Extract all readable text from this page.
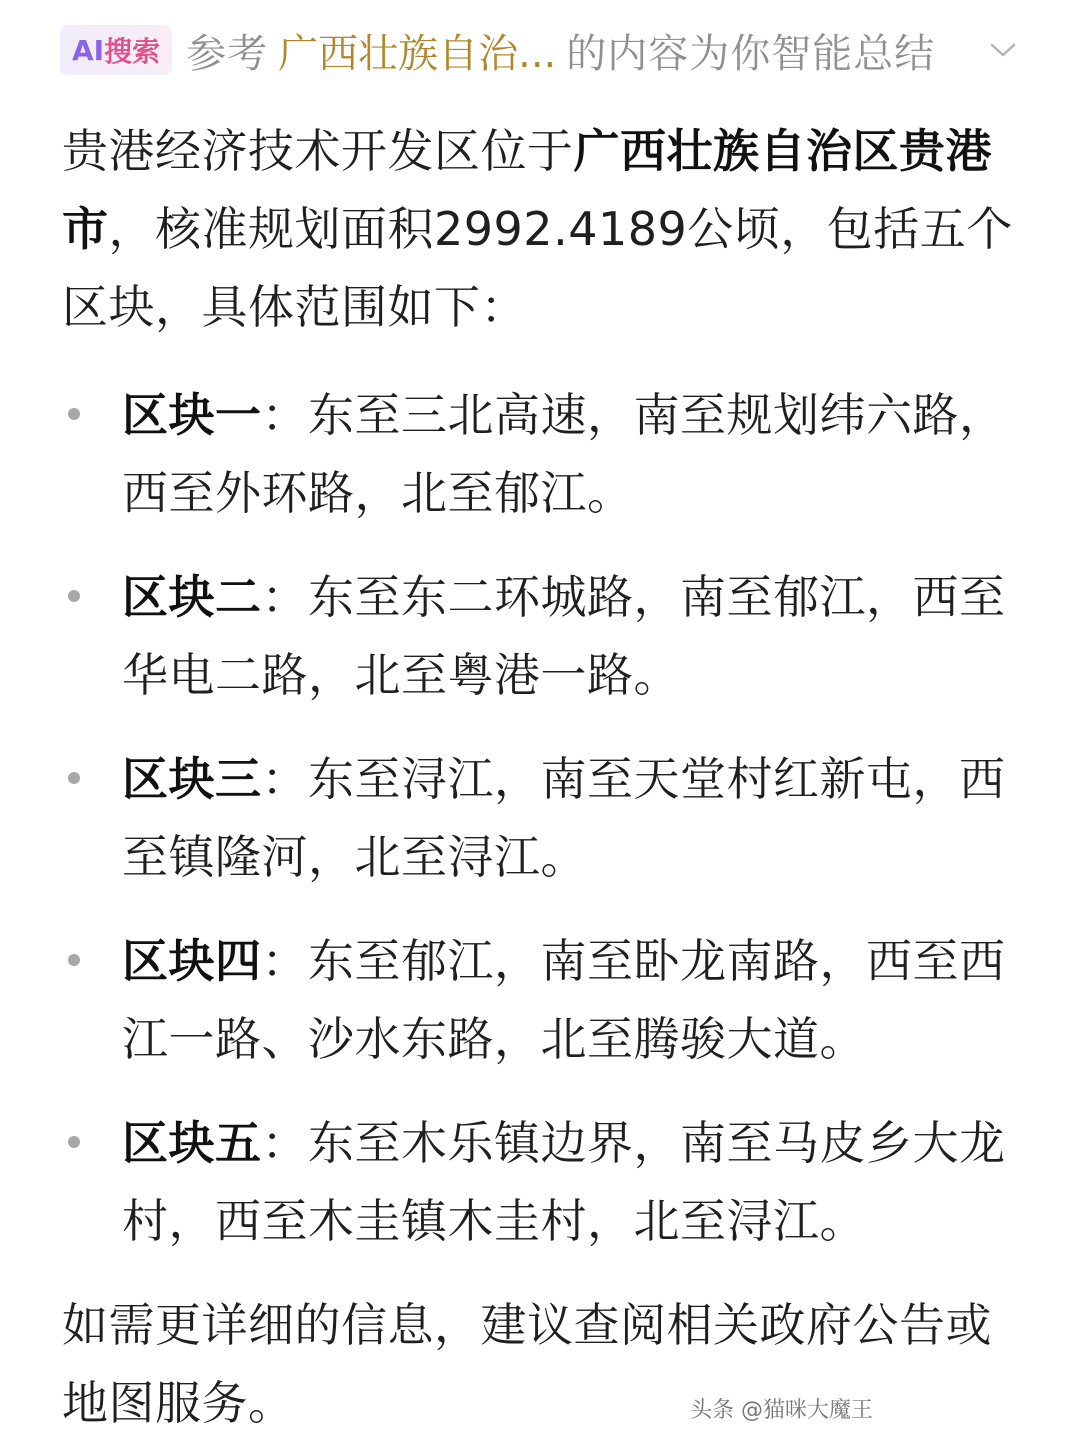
AI 搜索 参考 广西壮族自治... 的内容为你智能总结

贵港经济技术开发区位于广西壮族自治区贵港市，核准规划面积2992.4189公顷，包括五个区块，具体范围如下：

区块一：东至三北高速，南至规划纬六路，西至外环路，北至郁江。
区块二：东至东二环城路，南至郁江，西至华电二路，北至粤港一路。
区块三：东至浔江，南至天堂村红新屯，西至镇隆河，北至浔江。
区块四：东至郁江，南至卧龙南路，西至西江一路、沙水东路，北至腾骏大道。
区块五：东至木乐镇边界，南至马皮乡大龙村，西至木圭镇木圭村，北至浔江。

如需更详细的信息，建议查阅相关政府公告或地图服务。	头条 @猫咪大魔王
